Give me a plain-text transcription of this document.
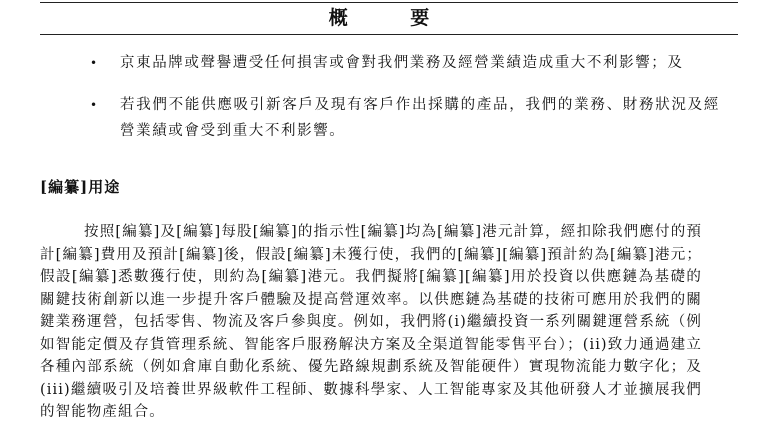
概 要
• 京東品牌或聲譽遭受任何損害或會對我們業務及經營業績造成重大不利影響；及
• 若我們不能供應吸引新客戶及現有客戶作出採購的產品，我們的業務、財務狀況及經營業績或會受到重大不利影響。
[編纂]用途

按照[編纂]及[編纂]每股[編纂]的指示性[編纂]均為[編纂]港元計算，經扣除我們應付的預計[編纂]費用及預計[編纂]後，假設[編纂]未獲行使，我們的[編纂][編纂]預計約為[編纂]港元；假設[編纂]悉數獲行使，則約為[編纂]港元。我們擬將[編纂][編纂]用於投資以供應鏈為基礎的關鍵技術創新以進一步提升客戶體驗及提高營運效率。以供應鏈為基礎的技術可應用於我們的關鍵業務運營，包括零售、物流及客戶參與度。例如，我們將(i)繼續投資一系列關鍵運營系統（例如智能定價及存貨管理系統、智能客戶服務解決方案及全渠道智能零售平台）；(ii)致力通過建立各種內部系統（例如倉庫自動化系統、優先路線規劃系統及智能硬件）實現物流能力數字化；及(iii)繼續吸引及培養世界級軟件工程師、數據科學家、人工智能專家及其他研發人才並擴展我們的智能物產組合。
